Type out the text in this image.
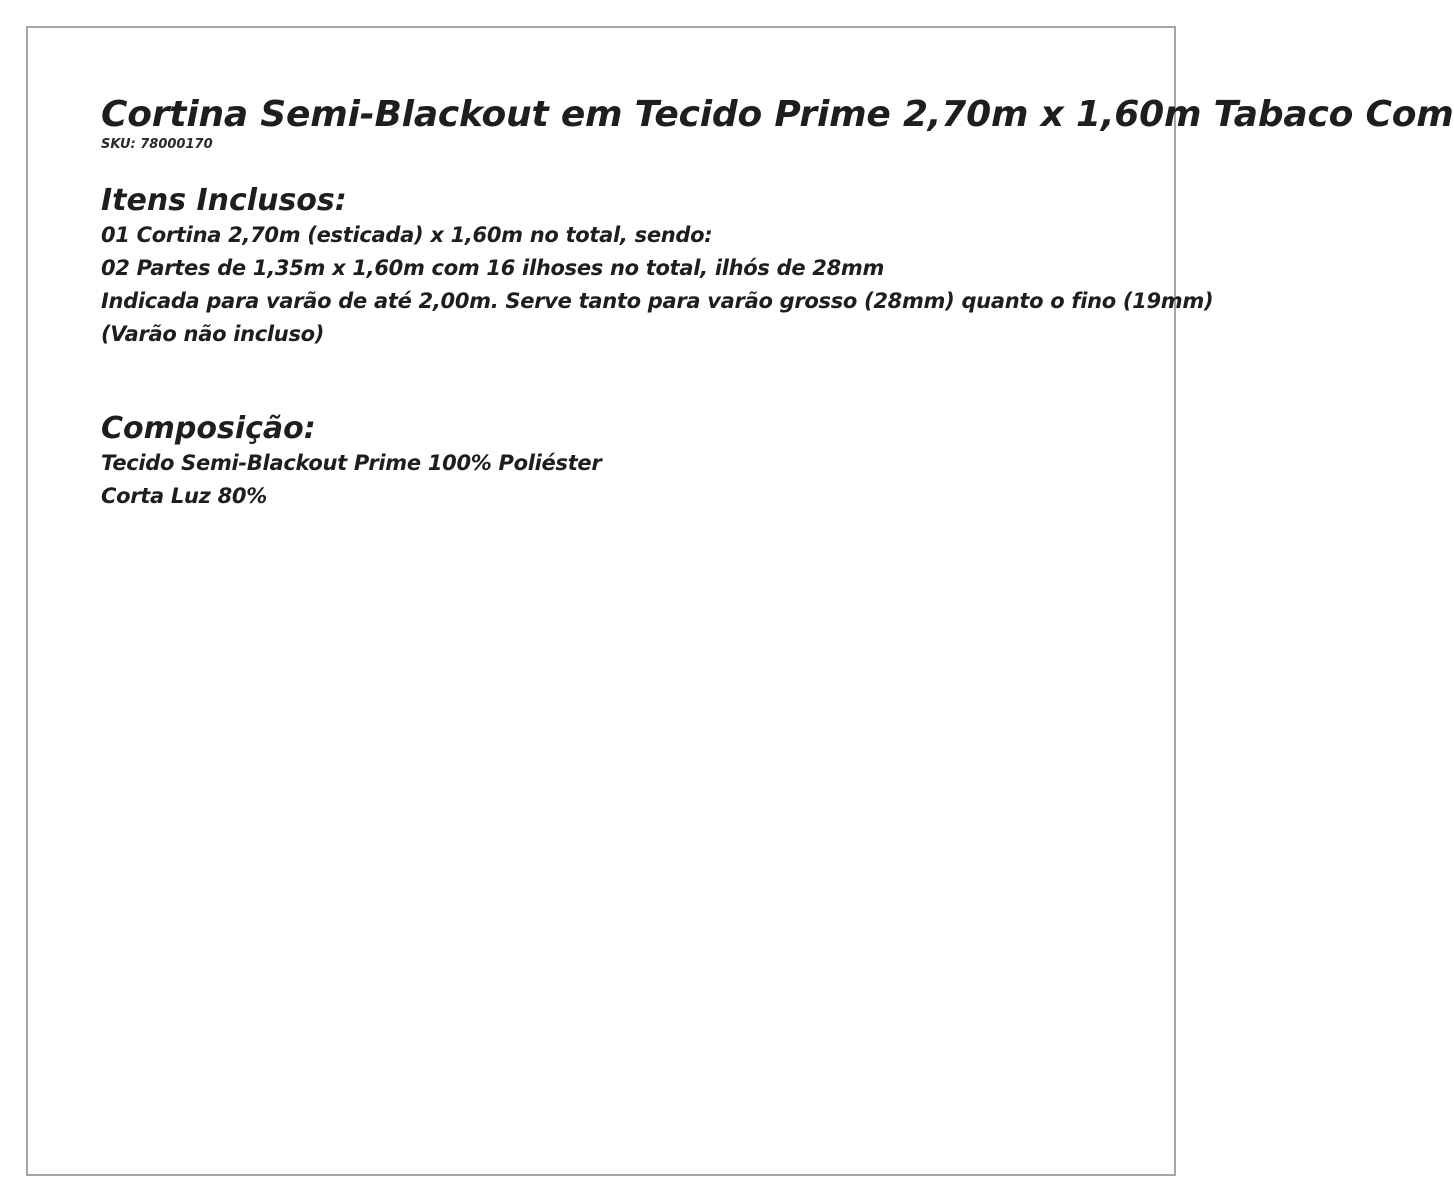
Cortina Semi-Blackout em Tecido Prime 2,70m x 1,60m Tabaco Com

SKU: 78000170

Itens Inclusos:

01 Cortina 2,70m (esticada) x 1,60m no total, sendo:

02 Partes de 1,35m x 1,60m com 16 ilhoses no total, ilhós de 28mm

Indicada para varão de até 2,00m. Serve tanto para varão grosso (28mm) quanto o fino (19mm)

(Varão não incluso)

Composição:

Tecido Semi-Blackout Prime 100% Poliéster

Corta Luz 80%
